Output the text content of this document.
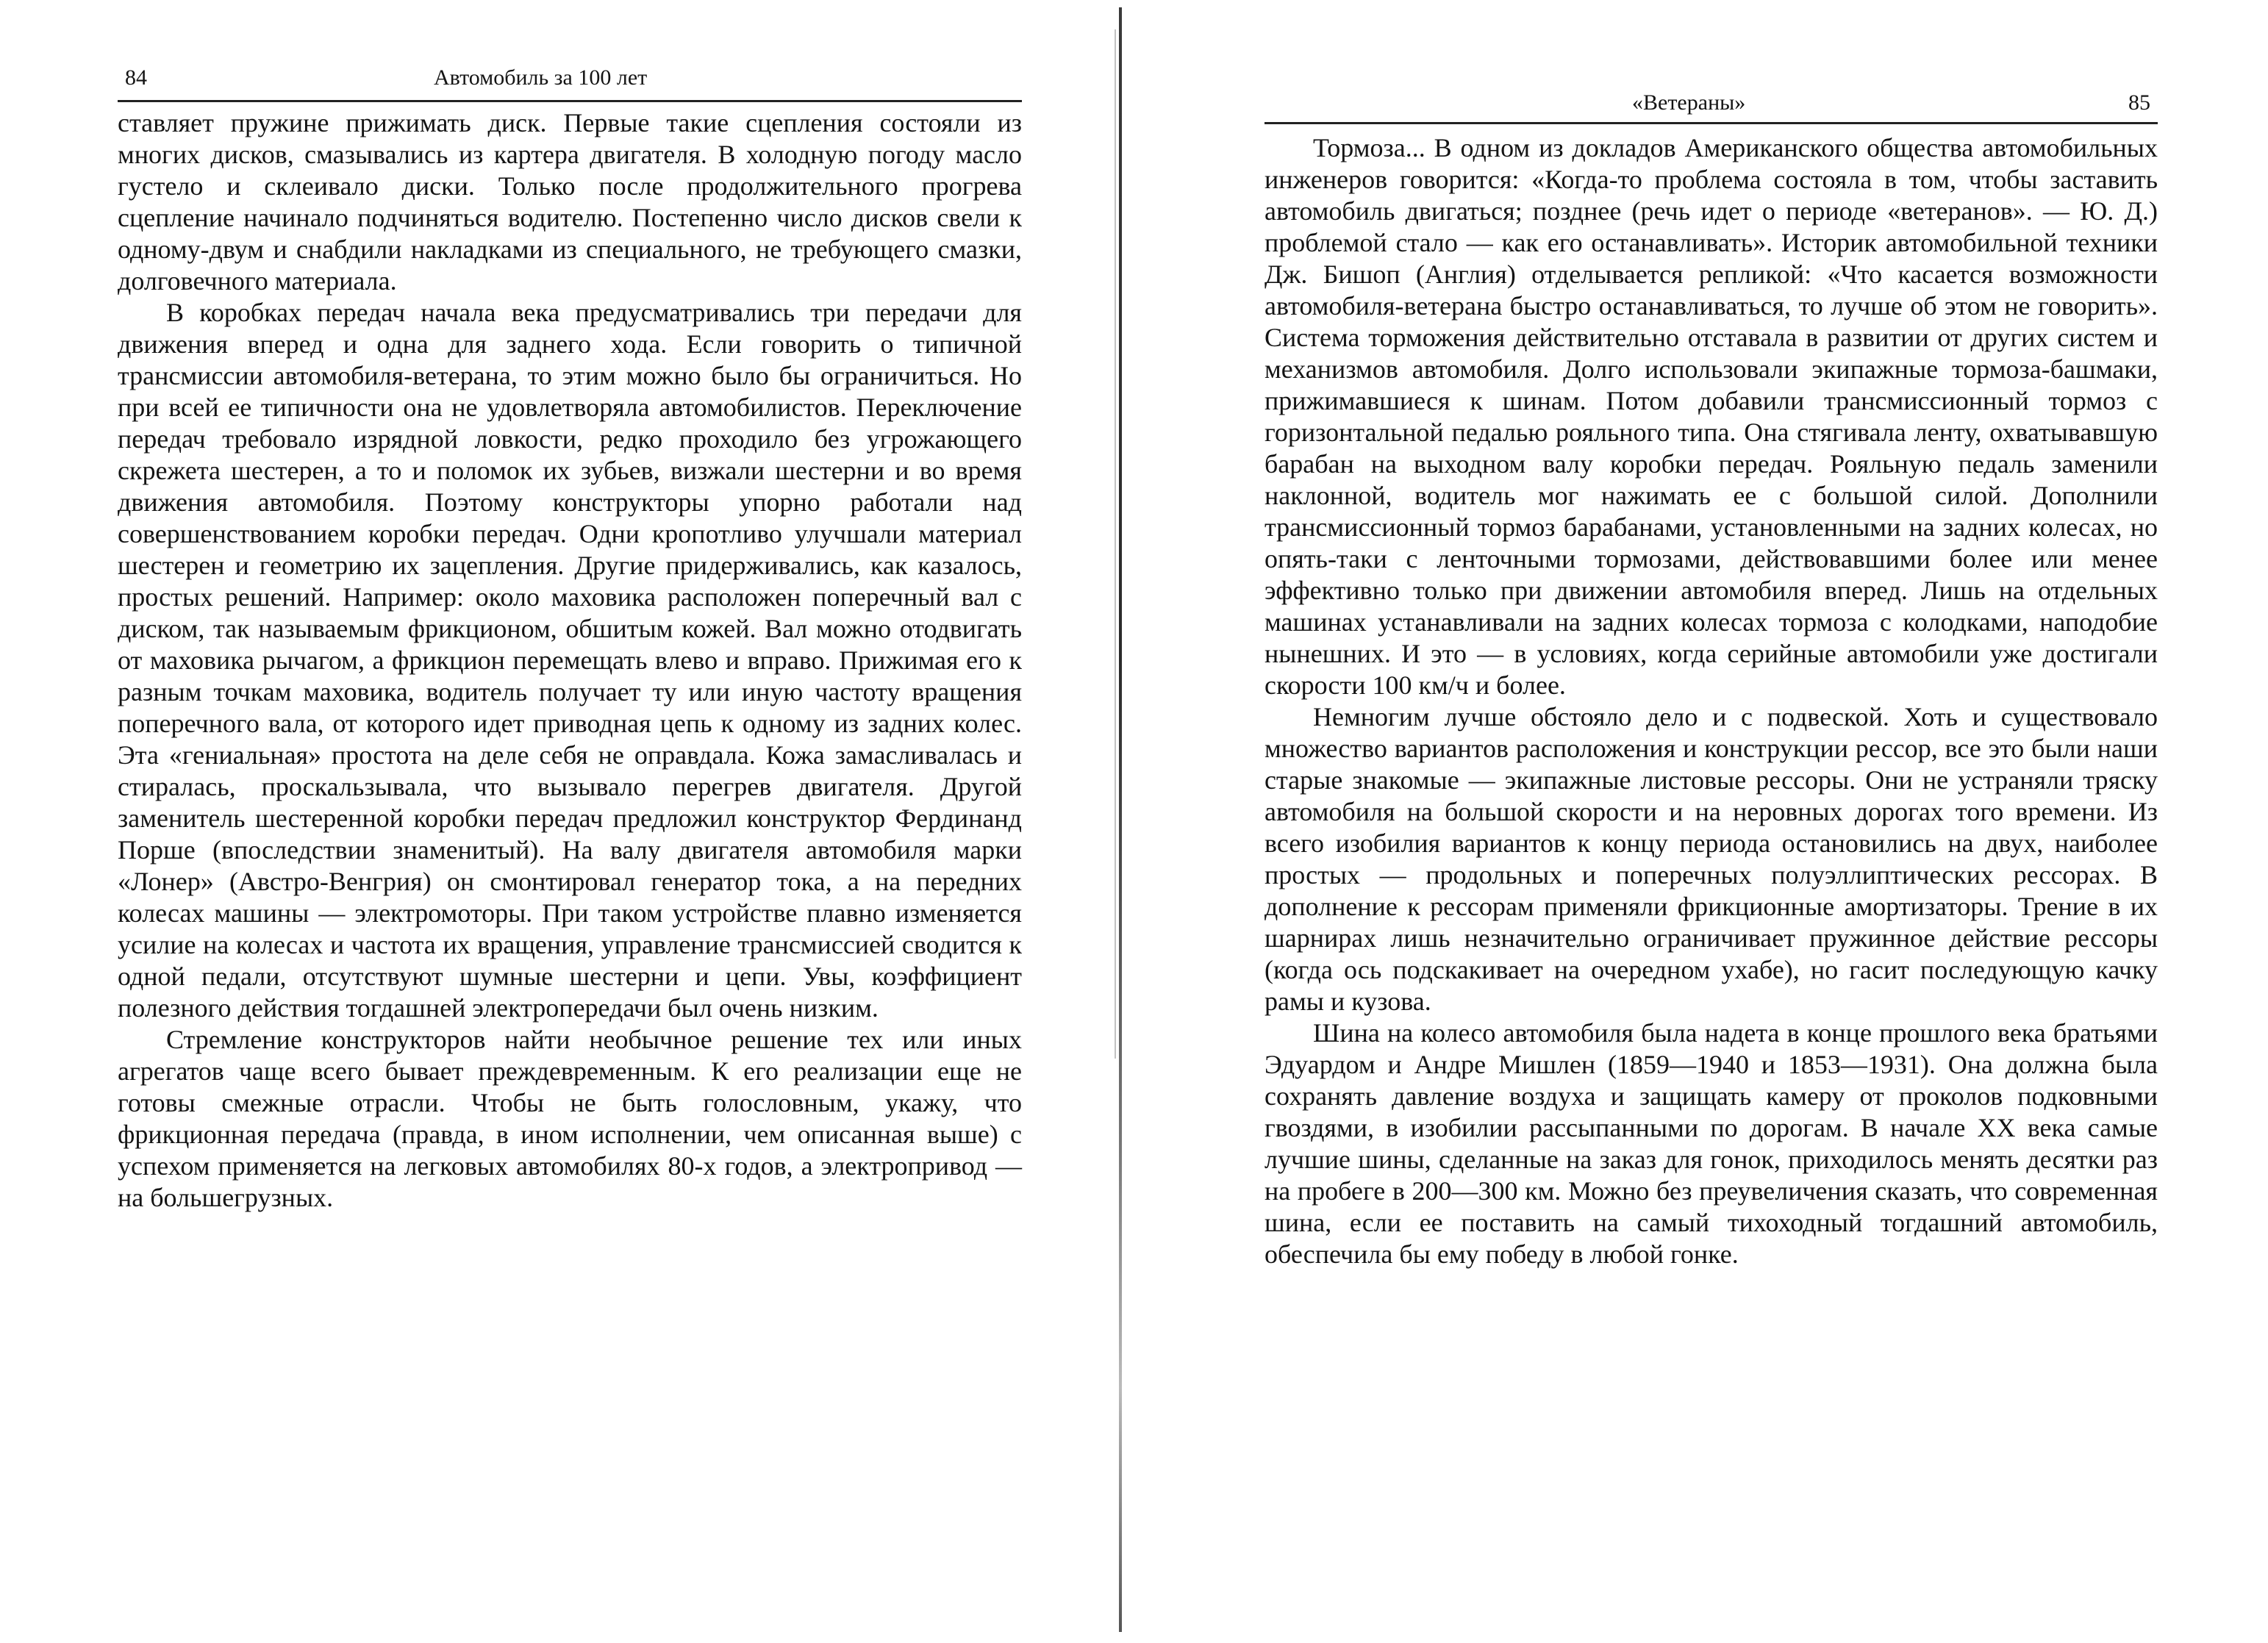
84	Автомобиль за 100 лет

ставляет пружине прижимать диск. Первые такие сцепления состояли из многих дисков, смазывались из картера двигателя. В холодную погоду масло густело и склеивало диски. Только после продолжительного прогрева сцепление начинало подчиняться водителю. Постепенно число дисков свели к одному-двум и снабдили накладками из специального, не требующего смазки, долговечного материала.

В коробках передач начала века предусматривались три передачи для движения вперед и одна для заднего хода. Если говорить о типичной трансмиссии автомобиля-ветерана, то этим можно было бы ограничиться. Но при всей ее типичности она не удовлетворяла автомобилистов. Переключение передач требовало изрядной ловкости, редко проходило без угрожающего скрежета шестерен, а то и поломок их зубьев, визжали шестерни и во время движения автомобиля. Поэтому конструкторы упорно работали над совершенствованием коробки передач. Одни кропотливо улучшали материал шестерен и геометрию их зацепления. Другие придерживались, как казалось, простых решений. Например: около маховика расположен поперечный вал с диском, так называемым фрикционом, обшитым кожей. Вал можно отодвигать от маховика рычагом, а фрикцион перемещать влево и вправо. Прижимая его к разным точкам маховика, водитель получает ту или иную частоту вращения поперечного вала, от которого идет приводная цепь к одному из задних колес. Эта «гениальная» простота на деле себя не оправдала. Кожа замасливалась и стиралась, проскальзывала, что вызывало перегрев двигателя. Другой заменитель шестеренной коробки передач предложил конструктор Фердинанд Порше (впоследствии знаменитый). На валу двигателя автомобиля марки «Лонер» (Австро-Венгрия) он смонтировал генератор тока, а на передних колесах машины — электромоторы. При таком устройстве плавно изменяется усилие на колесах и частота их вращения, управление трансмиссией сводится к одной педали, отсутствуют шумные шестерни и цепи. Увы, коэффициент полезного действия тогдашней электропередачи был очень низким.

Стремление конструкторов найти необычное решение тех или иных агрегатов чаще всего бывает преждевременным. К его реализации еще не готовы смежные отрасли. Чтобы не быть голословным, укажу, что фрикционная передача (правда, в ином исполнении, чем описанная выше) с успехом применяется на легковых автомобилях 80-х годов, а электропривод — на большегрузных.

«Ветераны»	85

Тормоза... В одном из докладов Американского общества автомобильных инженеров говорится: «Когда-то проблема состояла в том, чтобы заставить автомобиль двигаться; позднее (речь идет о периоде «ветеранов». — Ю. Д.) проблемой стало — как его останавливать». Историк автомобильной техники Дж. Бишоп (Англия) отделывается репликой: «Что касается возможности автомобиля-ветерана быстро останавливаться, то лучше об этом не говорить». Система торможения действительно отставала в развитии от других систем и механизмов автомобиля. Долго использовали экипажные тормоза-башмаки, прижимавшиеся к шинам. Потом добавили трансмиссионный тормоз с горизонтальной педалью рояльного типа. Она стягивала ленту, охватывавшую барабан на выходном валу коробки передач. Рояльную педаль заменили наклонной, водитель мог нажимать ее с большой силой. Дополнили трансмиссионный тормоз барабанами, установленными на задних колесах, но опять-таки с ленточными тормозами, действовавшими более или менее эффективно только при движении автомобиля вперед. Лишь на отдельных машинах устанавливали на задних колесах тормоза с колодками, наподобие нынешних. И это — в условиях, когда серийные автомобили уже достигали скорости 100 км/ч и более.

Немногим лучше обстояло дело и с подвеской. Хоть и существовало множество вариантов расположения и конструкции рессор, все это были наши старые знакомые — экипажные листовые рессоры. Они не устраняли тряску автомобиля на большой скорости и на неровных дорогах того времени. Из всего изобилия вариантов к концу периода остановились на двух, наиболее простых — продольных и поперечных полуэллиптических рессорах. В дополнение к рессорам применяли фрикционные амортизаторы. Трение в их шарнирах лишь незначительно ограничивает пружинное действие рессоры (когда ось подскакивает на очередном ухабе), но гасит последующую качку рамы и кузова.

Шина на колесо автомобиля была надета в конце прошлого века братьями Эдуардом и Андре Мишлен (1859—1940 и 1853—1931). Она должна была сохранять давление воздуха и защищать камеру от проколов подковными гвоздями, в изобилии рассыпанными по дорогам. В начале XX века самые лучшие шины, сделанные на заказ для гонок, приходилось менять десятки раз на пробеге в 200—300 км. Можно без преувеличения сказать, что современная шина, если ее поставить на самый тихоходный тогдашний автомобиль, обеспечила бы ему победу в любой гонке.
